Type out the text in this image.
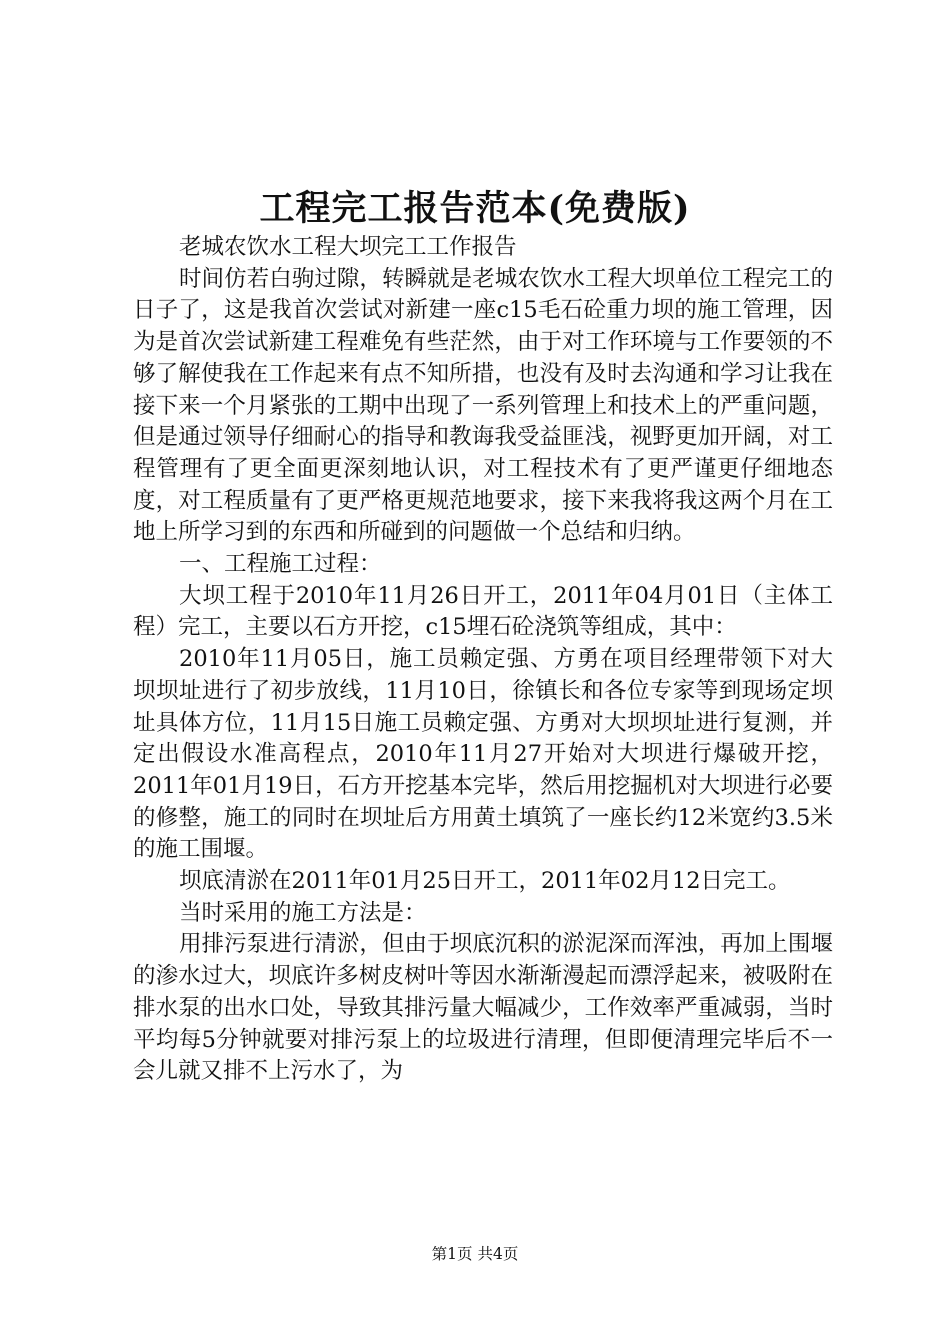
工程完工报告范本(免费版)

老城农饮水工程大坝完工工作报告

时间仿若白驹过隙，转瞬就是老城农饮水工程大坝单位工程完工的日子了，这是我首次尝试对新建一座c15毛石砼重力坝的施工管理，因为是首次尝试新建工程难免有些茫然，由于对工作环境与工作要领的不够了解使我在工作起来有点不知所措，也没有及时去沟通和学习让我在接下来一个月紧张的工期中出现了一系列管理上和技术上的严重问题，但是通过领导仔细耐心的指导和教诲我受益匪浅，视野更加开阔，对工程管理有了更全面更深刻地认识，对工程技术有了更严谨更仔细地态度，对工程质量有了更严格更规范地要求，接下来我将我这两个月在工地上所学习到的东西和所碰到的问题做一个总结和归纳。

一、工程施工过程：

大坝工程于2010年11月26日开工，2011年04月01日（主体工程）完工，主要以石方开挖，c15埋石砼浇筑等组成，其中：

2010年11月05日，施工员赖定强、方勇在项目经理带领下对大坝坝址进行了初步放线，11月10日，徐镇长和各位专家等到现场定坝址具体方位，11月15日施工员赖定强、方勇对大坝坝址进行复测，并定出假设水准高程点，2010年11月27开始对大坝进行爆破开挖，2011年01月19日，石方开挖基本完毕，然后用挖掘机对大坝进行必要的修整，施工的同时在坝址后方用黄土填筑了一座长约12米宽约3.5米的施工围堰。

坝底清淤在2011年01月25日开工，2011年02月12日完工。

当时采用的施工方法是：

用排污泵进行清淤，但由于坝底沉积的淤泥深而浑浊，再加上围堰的渗水过大，坝底许多树皮树叶等因水渐渐漫起而漂浮起来，被吸附在排水泵的出水口处，导致其排污量大幅减少，工作效率严重减弱，当时平均每5分钟就要对排污泵上的垃圾进行清理，但即便清理完毕后不一会儿就又排不上污水了，为

第1页 共4页
